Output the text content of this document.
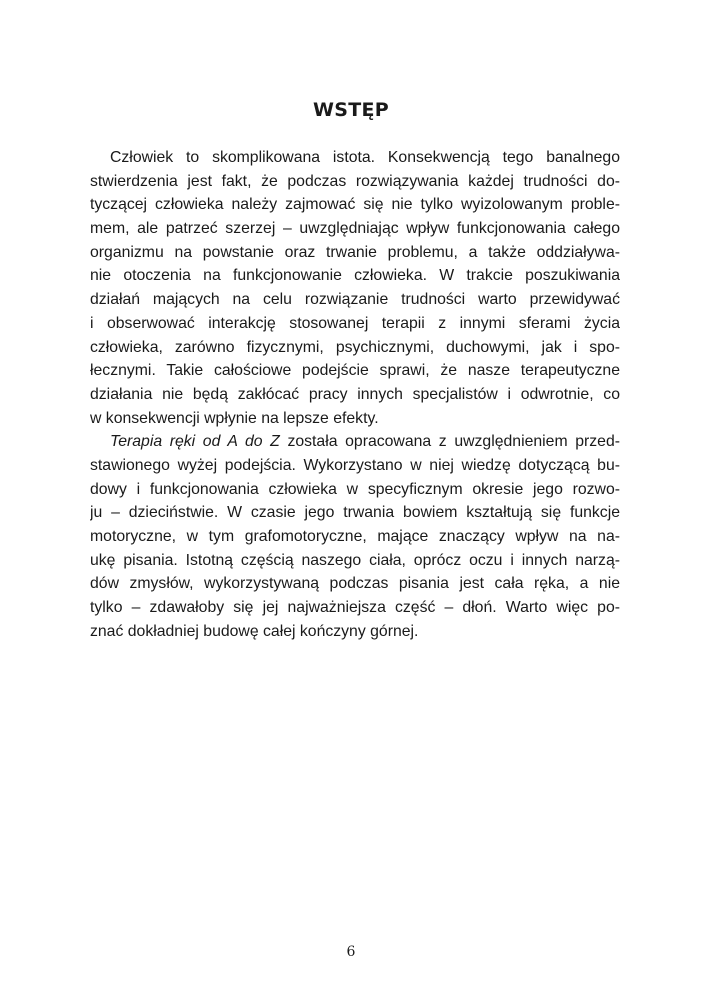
WSTĘP
Człowiek to skomplikowana istota. Konsekwencją tego banalnego
stwierdzenia jest fakt, że podczas rozwiązywania każdej trudności do-
tyczącej człowieka należy zajmować się nie tylko wyizolowanym proble-
mem, ale patrzeć szerzej – uwzględniając wpływ funkcjonowania całego
organizmu na powstanie oraz trwanie problemu, a także oddziaływa-
nie otoczenia na funkcjonowanie człowieka. W trakcie poszukiwania
działań mających na celu rozwiązanie trudności warto przewidywać
i obserwować interakcję stosowanej terapii z innymi sferami życia
człowieka, zarówno fizycznymi, psychicznymi, duchowymi, jak i spo-
łecznymi. Takie całościowe podejście sprawi, że nasze terapeutyczne
działania nie będą zakłócać pracy innych specjalistów i odwrotnie, co
w konsekwencji wpłynie na lepsze efekty.
Terapia ręki od A do Z została opracowana z uwzględnieniem przed-
stawionego wyżej podejścia. Wykorzystano w niej wiedzę dotyczącą bu-
dowy i funkcjonowania człowieka w specyficznym okresie jego rozwo-
ju – dzieciństwie. W czasie jego trwania bowiem kształtują się funkcje
motoryczne, w tym grafomotoryczne, mające znaczący wpływ na na-
ukę pisania. Istotną częścią naszego ciała, oprócz oczu i innych narzą-
dów zmysłów, wykorzystywaną podczas pisania jest cała ręka, a nie
tylko – zdawałoby się jej najważniejsza część – dłoń. Warto więc po-
znać dokładniej budowę całej kończyny górnej.
6
